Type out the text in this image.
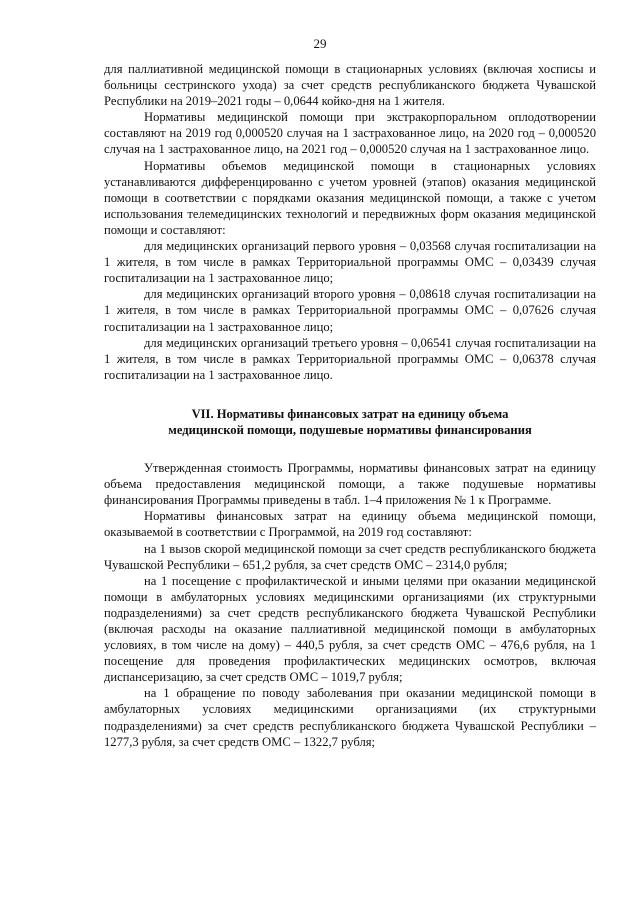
29

для паллиативной медицинской помощи в стационарных условиях (включая хосписы и больницы сестринского ухода) за счет средств республиканского бюджета Чувашской Республики на 2019–2021 годы – 0,0644 койко-дня на 1 жителя.

Нормативы медицинской помощи при экстракорпоральном оплодотворении составляют на 2019 год 0,000520 случая на 1 застрахованное лицо, на 2020 год – 0,000520 случая на 1 застрахованное лицо, на 2021 год – 0,000520 случая на 1 застрахованное лицо.

Нормативы объемов медицинской помощи в стационарных условиях устанавливаются дифференцированно с учетом уровней (этапов) оказания медицинской помощи в соответствии с порядками оказания медицинской помощи, а также с учетом использования телемедицинских технологий и передвижных форм оказания медицинской помощи и составляют:

для медицинских организаций первого уровня – 0,03568 случая госпитализации на 1 жителя, в том числе в рамках Территориальной программы ОМС – 0,03439 случая госпитализации на 1 застрахованное лицо;

для медицинских организаций второго уровня – 0,08618 случая госпитализации на 1 жителя, в том числе в рамках Территориальной программы ОМС – 0,07626 случая госпитализации на 1 застрахованное лицо;

для медицинских организаций третьего уровня – 0,06541 случая госпитализации на 1 жителя, в том числе в рамках Территориальной программы ОМС – 0,06378 случая госпитализации на 1 застрахованное лицо.

VII. Нормативы финансовых затрат на единицу объема
медицинской помощи, подушевые нормативы финансирования

Утвержденная стоимость Программы, нормативы финансовых затрат на единицу объема предоставления медицинской помощи, а также подушевые нормативы финансирования Программы приведены в табл. 1–4 приложения № 1 к Программе.

Нормативы финансовых затрат на единицу объема медицинской помощи, оказываемой в соответствии с Программой, на 2019 год составляют:

на 1 вызов скорой медицинской помощи за счет средств республиканского бюджета Чувашской Республики – 651,2 рубля, за счет средств ОМС – 2314,0 рубля;

на 1 посещение с профилактической и иными целями при оказании медицинской помощи в амбулаторных условиях медицинскими организациями (их структурными подразделениями) за счет средств республиканского бюджета Чувашской Республики (включая расходы на оказание паллиативной медицинской помощи в амбулаторных условиях, в том числе на дому) – 440,5 рубля, за счет средств ОМС – 476,6 рубля, на 1 посещение для проведения профилактических медицинских осмотров, включая диспансеризацию, за счет средств ОМС – 1019,7 рубля;

на 1 обращение по поводу заболевания при оказании медицинской помощи в амбулаторных условиях медицинскими организациями (их структурными подразделениями) за счет средств республиканского бюджета Чувашской Республики – 1277,3 рубля, за счет средств ОМС – 1322,7 рубля;
